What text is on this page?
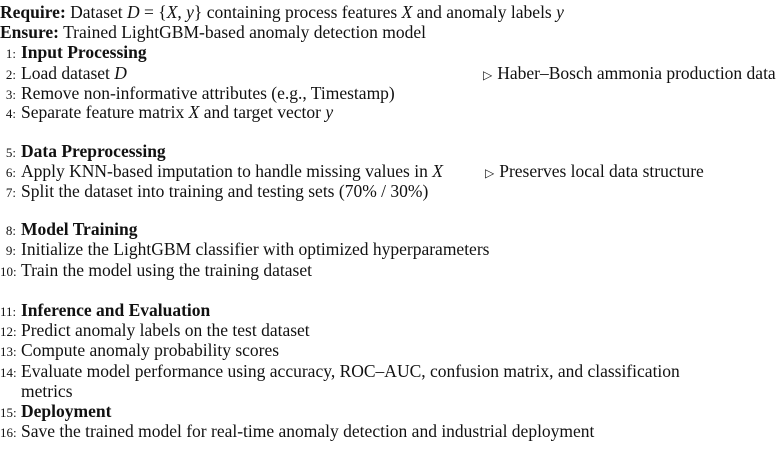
Require: Dataset D = {X, y} containing process features X and anomaly labels y
Ensure: Trained LightGBM-based anomaly detection model
1: Input Processing
2: Load dataset D	▷ Haber–Bosch ammonia production data
3: Remove non-informative attributes (e.g., Timestamp)
4: Separate feature matrix X and target vector y
5: Data Preprocessing
6: Apply KNN-based imputation to handle missing values in X	▷ Preserves local data structure
7: Split the dataset into training and testing sets (70% / 30%)
8: Model Training
9: Initialize the LightGBM classifier with optimized hyperparameters
10: Train the model using the training dataset
11: Inference and Evaluation
12: Predict anomaly labels on the test dataset
13: Compute anomaly probability scores
14: Evaluate model performance using accuracy, ROC–AUC, confusion matrix, and classification
metrics
15: Deployment
16: Save the trained model for real-time anomaly detection and industrial deployment
